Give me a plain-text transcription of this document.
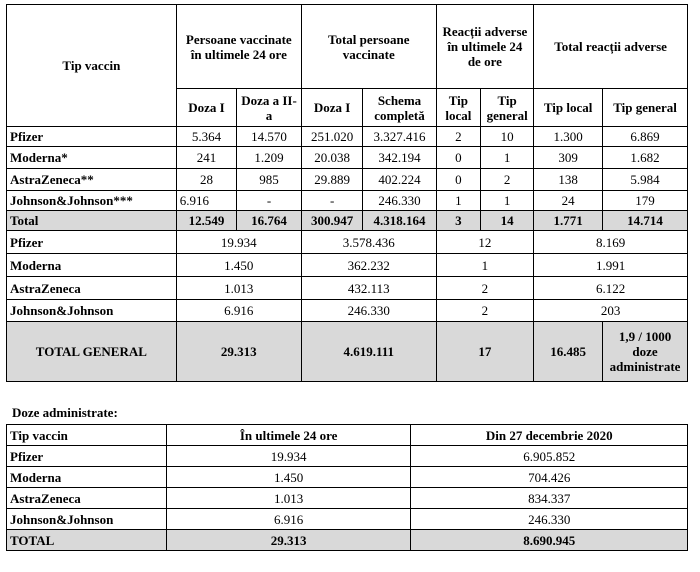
Tip vaccin	Persoane vaccinate în ultimele 24 ore		Total persoane vaccinate		Reacții adverse în ultimele 24 de ore		Total reacții adverse	
	Doza I	Doza a II-a	Doza I	Schema completă	Tip local	Tip general	Tip local	Tip general
Pfizer	5.364	14.570	251.020	3.327.416	2	10	1.300	6.869
Moderna*	241	1.209	20.038	342.194	0	1	309	1.682
AstraZeneca**	28	985	29.889	402.224	0	2	138	5.984
Johnson&Johnson***	6.916	-	-	246.330	1	1	24	179
Total	12.549	16.764	300.947	4.318.164	3	14	1.771	14.714
Pfizer	19.934		3.578.436		12		8.169	
Moderna	1.450		362.232		1		1.991	
AstraZeneca	1.013		432.113		2		6.122	
Johnson&Johnson	6.916		246.330		2		203	
TOTAL GENERAL	29.313		4.619.111		17		16.485	1,9 / 1000
doze
administrate
Doze administrate:
Tip vaccin	În ultimele 24 ore	Din 27 decembrie 2020
Pfizer	19.934	6.905.852
Moderna	1.450	704.426
AstraZeneca	1.013	834.337
Johnson&Johnson	6.916	246.330
TOTAL	29.313	8.690.945
